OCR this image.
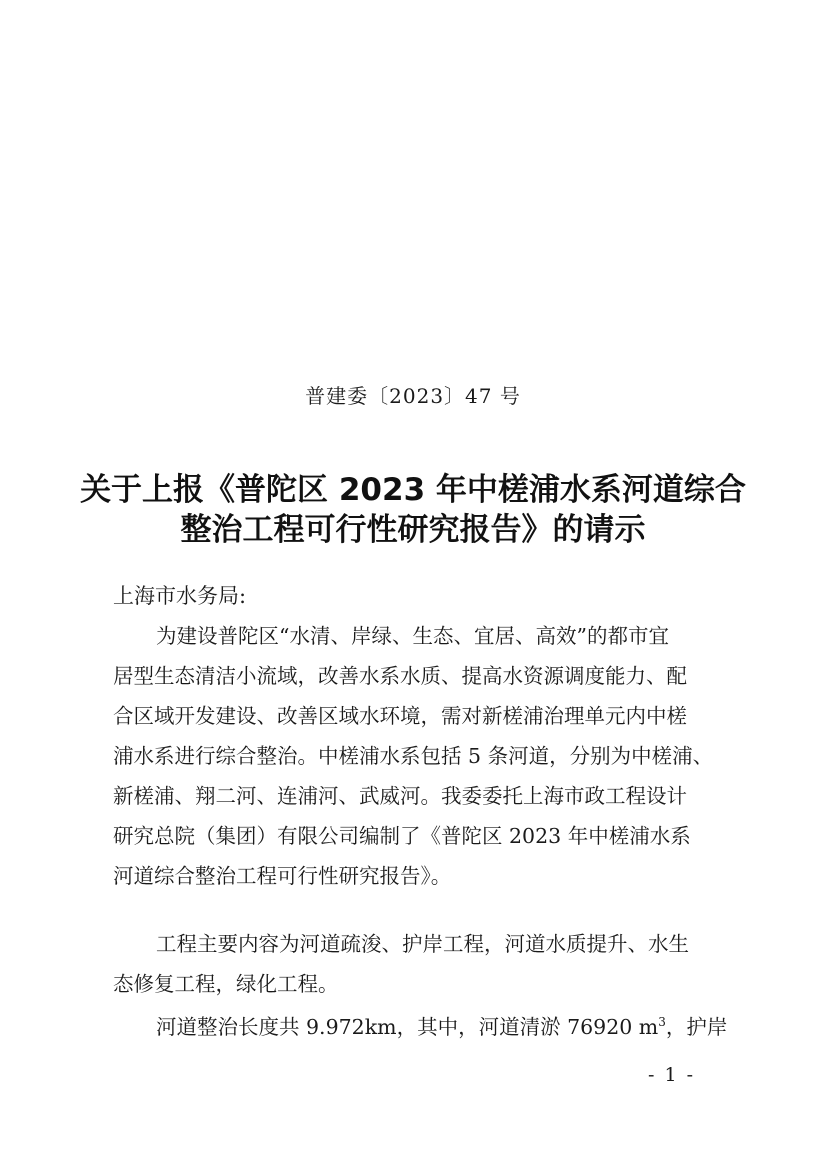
普建委〔2023〕47 号
关于上报《普陀区 2023 年中槎浦水系河道综合
整治工程可行性研究报告》的请示
上海市水务局:
为建设普陀区“水清、岸绿、生态、宜居、高效”的都市宜
居型生态清洁小流域，改善水系水质、提高水资源调度能力、配
合区域开发建设、改善区域水环境，需对新槎浦治理单元内中槎
浦水系进行综合整治。中槎浦水系包括 5 条河道，分别为中槎浦、
新槎浦、翔二河、连浦河、武威河。我委委托上海市政工程设计
研究总院（集团）有限公司编制了《普陀区 2023 年中槎浦水系
河道综合整治工程可行性研究报告》。
工程主要内容为河道疏浚、护岸工程，河道水质提升、水生
态修复工程，绿化工程。
河道整治长度共 9.972km，其中，河道清淤 76920 $m^3$，护岸
- 1 -
